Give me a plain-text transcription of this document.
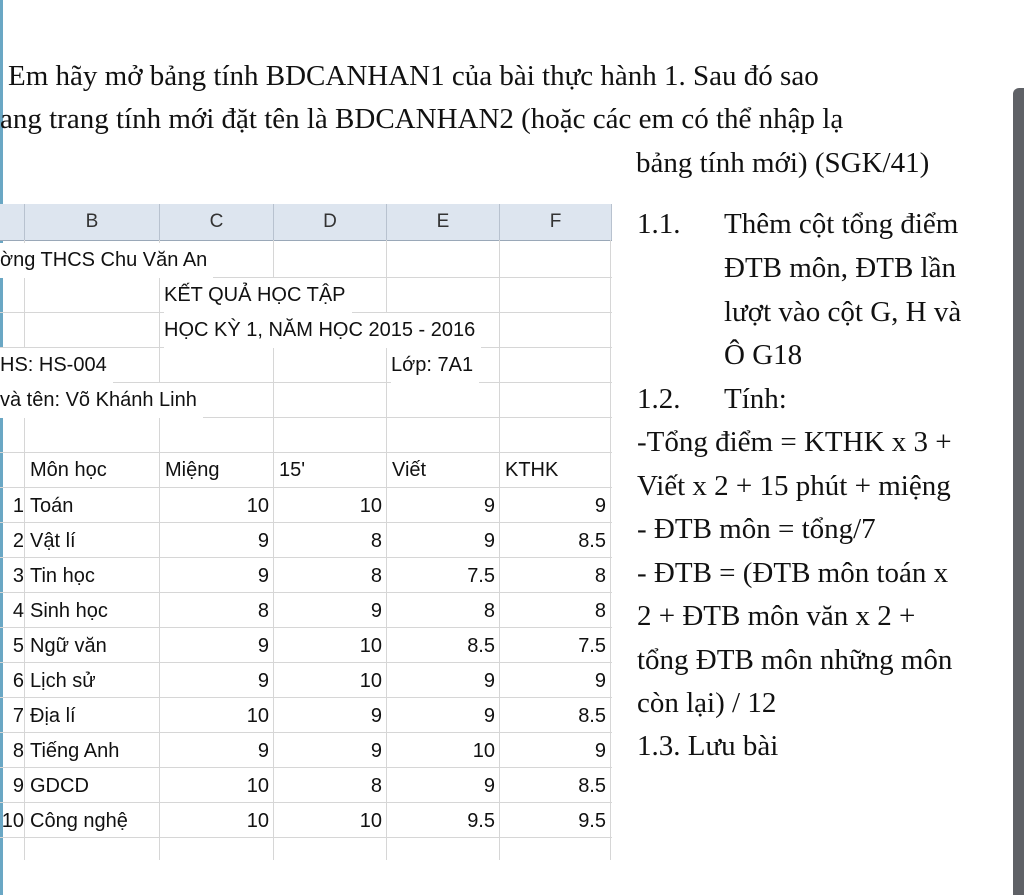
Em hãy mở bảng tính BDCANHAN1 của bài thực hành 1. Sau đó sao
ang trang tính mới đặt tên là BDCANHAN2 (hoặc các em có thể nhập lạ
bảng tính mới) (SGK/41)
B	C	D	E	F
ờng THCS Chu Văn An
KẾT QUẢ HỌC TẬP
HỌC KỲ 1, NĂM HỌC 2015 - 2016
HS: HS-004	Lớp: 7A1
và tên: Võ Khánh Linh
Môn học	Miệng	15'	Viết	KTHK
1 Toán	10	10	9	9
2 Vật lí	9	8	9	8.5
3 Tin học	9	8	7.5	8
4 Sinh học	8	9	8	8
5 Ngữ văn	9	10	8.5	7.5
6 Lịch sử	9	10	9	9
7 Địa lí	10	9	9	8.5
8 Tiếng Anh	9	9	10	9
9 GDCD	10	8	9	8.5
10 Công nghệ	10	10	9.5	9.5
1.1. Thêm cột tổng điểm
ĐTB môn, ĐTB lần
lượt vào cột G, H và
Ô G18
1.2. Tính:
-Tổng điểm = KTHK x 3 +
Viết x 2 + 15 phút + miệng
- ĐTB môn = tổng/7
- ĐTB = (ĐTB môn toán x
2 + ĐTB môn văn x 2 +
tổng ĐTB môn những môn
còn lại) / 12
1.3. Lưu bài
